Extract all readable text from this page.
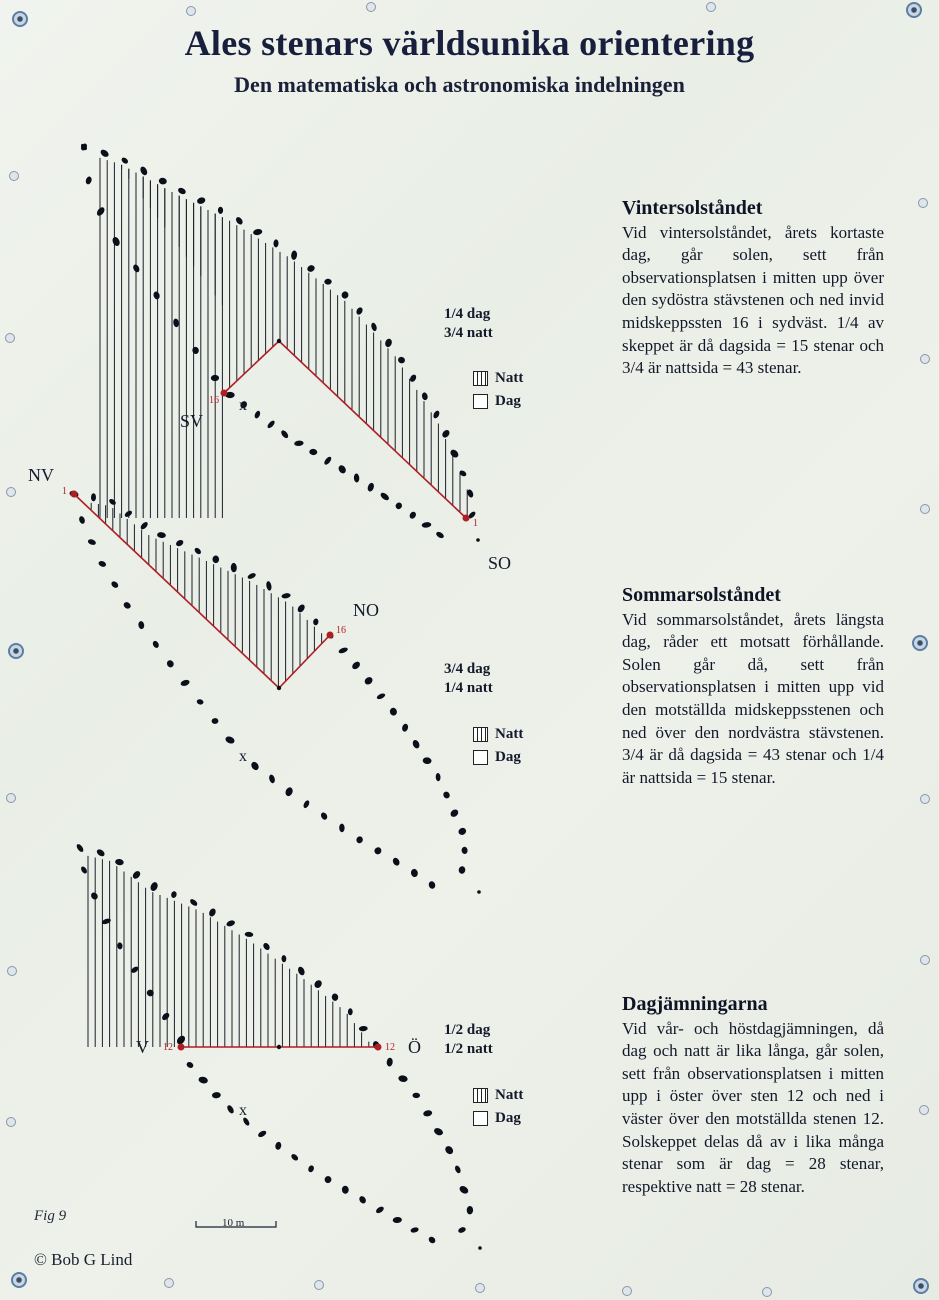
Ales stenars världsunika orientering
Den matematiska och astronomiska indelningen
SV
SO
x
16
1
1/4 dag
3/4 natt
Natt
Dag
NV
NO
x
1
16
3/4 dag
1/4 natt
Natt
Dag
V	Ö
x
12	12
1/2 dag
1/2 natt
Natt
Dag
Vintersolståndet
Vid vintersolståndet, årets kortaste dag, går solen, sett från observationsplatsen i mitten upp över den sydöstra stävstenen och ned invid midskeppssten 16 i sydväst. 1/4 av skeppet är då dagsida = 15 stenar och 3/4 är nattsida = 43 stenar.
Sommarsolståndet
Vid sommarsolståndet, årets längsta dag, råder ett motsatt förhållande. Solen går då, sett från observationsplatsen i mitten upp vid den motställda midskeppsstenen och ned över den nordvästra stävstenen. 3/4 är då dagsida = 43 stenar och 1/4 är nattsida = 15 stenar.
Dagjämningarna
Vid vår- och höstdagjämningen, då dag och natt är lika långa, går solen, sett från observationsplatsen i mitten upp i öster över sten 12 och ned i väster över den motställda stenen 12. Solskeppet delas då av i lika många stenar som är dag = 28 stenar, respektive natt = 28 stenar.
Fig 9	10 m
© Bob G Lind
